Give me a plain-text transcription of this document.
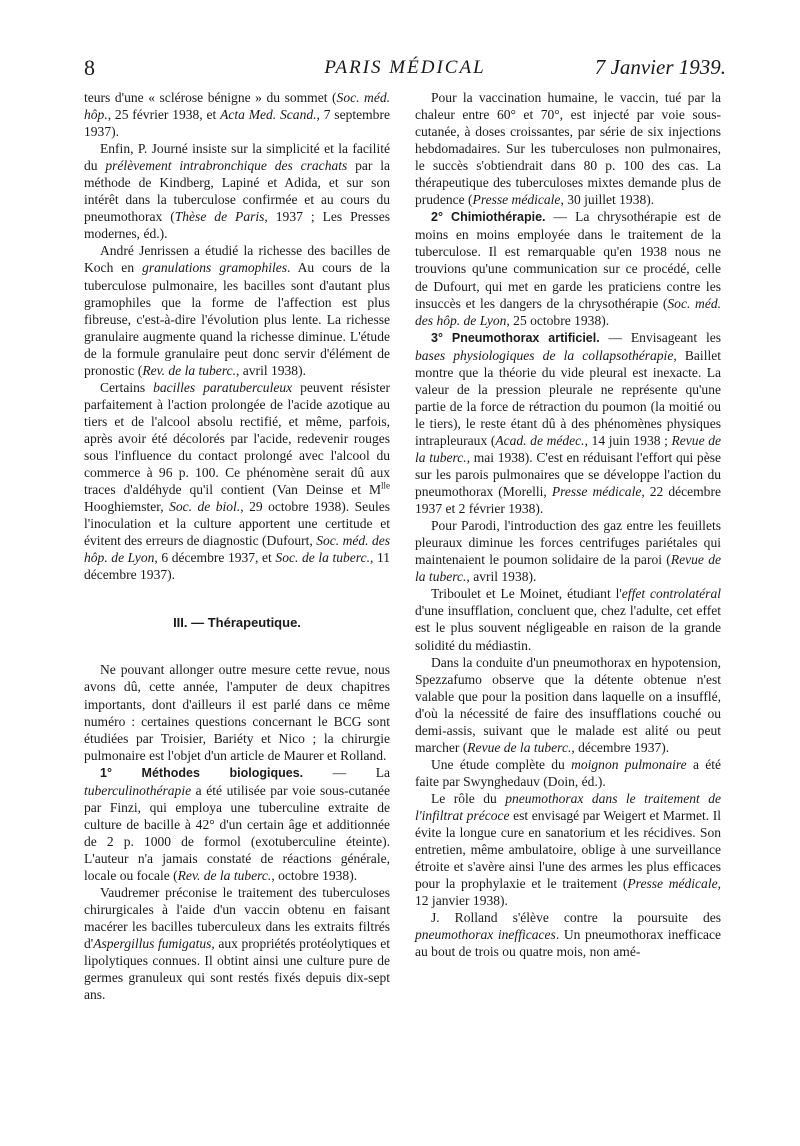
8	PARIS MÉDICAL	7 Janvier 1939.

teurs d'une « sclérose bénigne » du sommet (Soc. méd. hôp., 25 février 1938, et Acta Med. Scand., 7 septembre 1937).

Enfin, P. Journé insiste sur la simplicité et la facilité du prélèvement intrabronchique des crachats par la méthode de Kindberg, Lapiné et Adida, et sur son intérêt dans la tuberculose confirmée et au cours du pneumothorax (Thèse de Paris, 1937 ; Les Presses modernes, éd.).

André Jenrissen a étudié la richesse des bacilles de Koch en granulations gramophiles. Au cours de la tuberculose pulmonaire, les bacilles sont d'autant plus gramophiles que la forme de l'affection est plus fibreuse, c'est-à-dire l'évolution plus lente. La richesse granulaire augmente quand la richesse diminue. L'étude de la formule granulaire peut donc servir d'élément de pronostic (Rev. de la tuberc., avril 1938).

Certains bacilles paratuberculeux peuvent résister parfaitement à l'action prolongée de l'acide azotique au tiers et de l'alcool absolu rectifié, et même, parfois, après avoir été décolorés par l'acide, redevenir rouges sous l'influence du contact prolongé avec l'alcool du commerce à 96 p. 100. Ce phénomène serait dû aux traces d'aldéhyde qu'il contient (Van Deinse et $M^{lle}$ Hooghiemster, Soc. de biol., 29 octobre 1938). Seules l'inoculation et la culture apportent une certitude et évitent des erreurs de diagnostic (Dufourt, Soc. méd. des hôp. de Lyon, 6 décembre 1937, et Soc. de la tuberc., 11 décembre 1937).

III. — Thérapeutique.

Ne pouvant allonger outre mesure cette revue, nous avons dû, cette année, l'amputer de deux chapitres importants, dont d'ailleurs il est parlé dans ce même numéro : certaines questions concernant le BCG sont étudiées par Troisier, Bariéty et Nico ; la chirurgie pulmonaire est l'objet d'un article de Maurer et Rolland.

1° Méthodes biologiques. — La tuberculinothérapie a été utilisée par voie sous-cutanée par Finzi, qui employa une tuberculine extraite de culture de bacille à 42° d'un certain âge et additionnée de 2 p. 1000 de formol (exotuberculine éteinte). L'auteur n'a jamais constaté de réactions générale, locale ou focale (Rev. de la tuberc., octobre 1938).

Vaudremer préconise le traitement des tuberculoses chirurgicales à l'aide d'un vaccin obtenu en faisant macérer les bacilles tuberculeux dans les extraits filtrés d'Aspergillus fumigatus, aux propriétés protéolytiques et lipolytiques connues. Il obtint ainsi une culture pure de germes granuleux qui sont restés fixés depuis dix-sept ans.

Pour la vaccination humaine, le vaccin, tué par la chaleur entre 60° et 70°, est injecté par voie sous-cutanée, à doses croissantes, par série de six injections hebdomadaires. Sur les tuberculoses non pulmonaires, le succès s'obtiendrait dans 80 p. 100 des cas. La thérapeutique des tuberculoses mixtes demande plus de prudence (Presse médicale, 30 juillet 1938).

2° Chimiothérapie. — La chrysothérapie est de moins en moins employée dans le traitement de la tuberculose. Il est remarquable qu'en 1938 nous ne trouvions qu'une communication sur ce procédé, celle de Dufourt, qui met en garde les praticiens contre les insuccès et les dangers de la chrysothérapie (Soc. méd. des hôp. de Lyon, 25 octobre 1938).

3° Pneumothorax artificiel. — Envisageant les bases physiologiques de la collapsothérapie, Baillet montre que la théorie du vide pleural est inexacte. La valeur de la pression pleurale ne représente qu'une partie de la force de rétraction du poumon (la moitié ou le tiers), le reste étant dû à des phénomènes physiques intrapleuraux (Acad. de médec., 14 juin 1938 ; Revue de la tuberc., mai 1938). C'est en réduisant l'effort qui pèse sur les parois pulmonaires que se développe l'action du pneumothorax (Morelli, Presse médicale, 22 décembre 1937 et 2 février 1938).

Pour Parodi, l'introduction des gaz entre les feuillets pleuraux diminue les forces centrifuges pariétales qui maintenaient le poumon solidaire de la paroi (Revue de la tuberc., avril 1938).

Triboulet et Le Moinet, étudiant l'effet controlatéral d'une insufflation, concluent que, chez l'adulte, cet effet est le plus souvent négligeable en raison de la grande solidité du médiastin.

Dans la conduite d'un pneumothorax en hypotension, Spezzafumo observe que la détente obtenue n'est valable que pour la position dans laquelle on a insufflé, d'où la nécessité de faire des insufflations couché ou demi-assis, suivant que le malade est alité ou peut marcher (Revue de la tuberc., décembre 1937).

Une étude complète du moignon pulmonaire a été faite par Swynghedauv (Doin, éd.).

Le rôle du pneumothorax dans le traitement de l'infiltrat précoce est envisagé par Weigert et Marmet. Il évite la longue cure en sanatorium et les récidives. Son entretien, même ambulatoire, oblige à une surveillance étroite et s'avère ainsi l'une des armes les plus efficaces pour la prophylaxie et le traitement (Presse médicale, 12 janvier 1938).

J. Rolland s'élève contre la poursuite des pneumothorax inefficaces. Un pneumothorax inefficace au bout de trois ou quatre mois, non amé-
